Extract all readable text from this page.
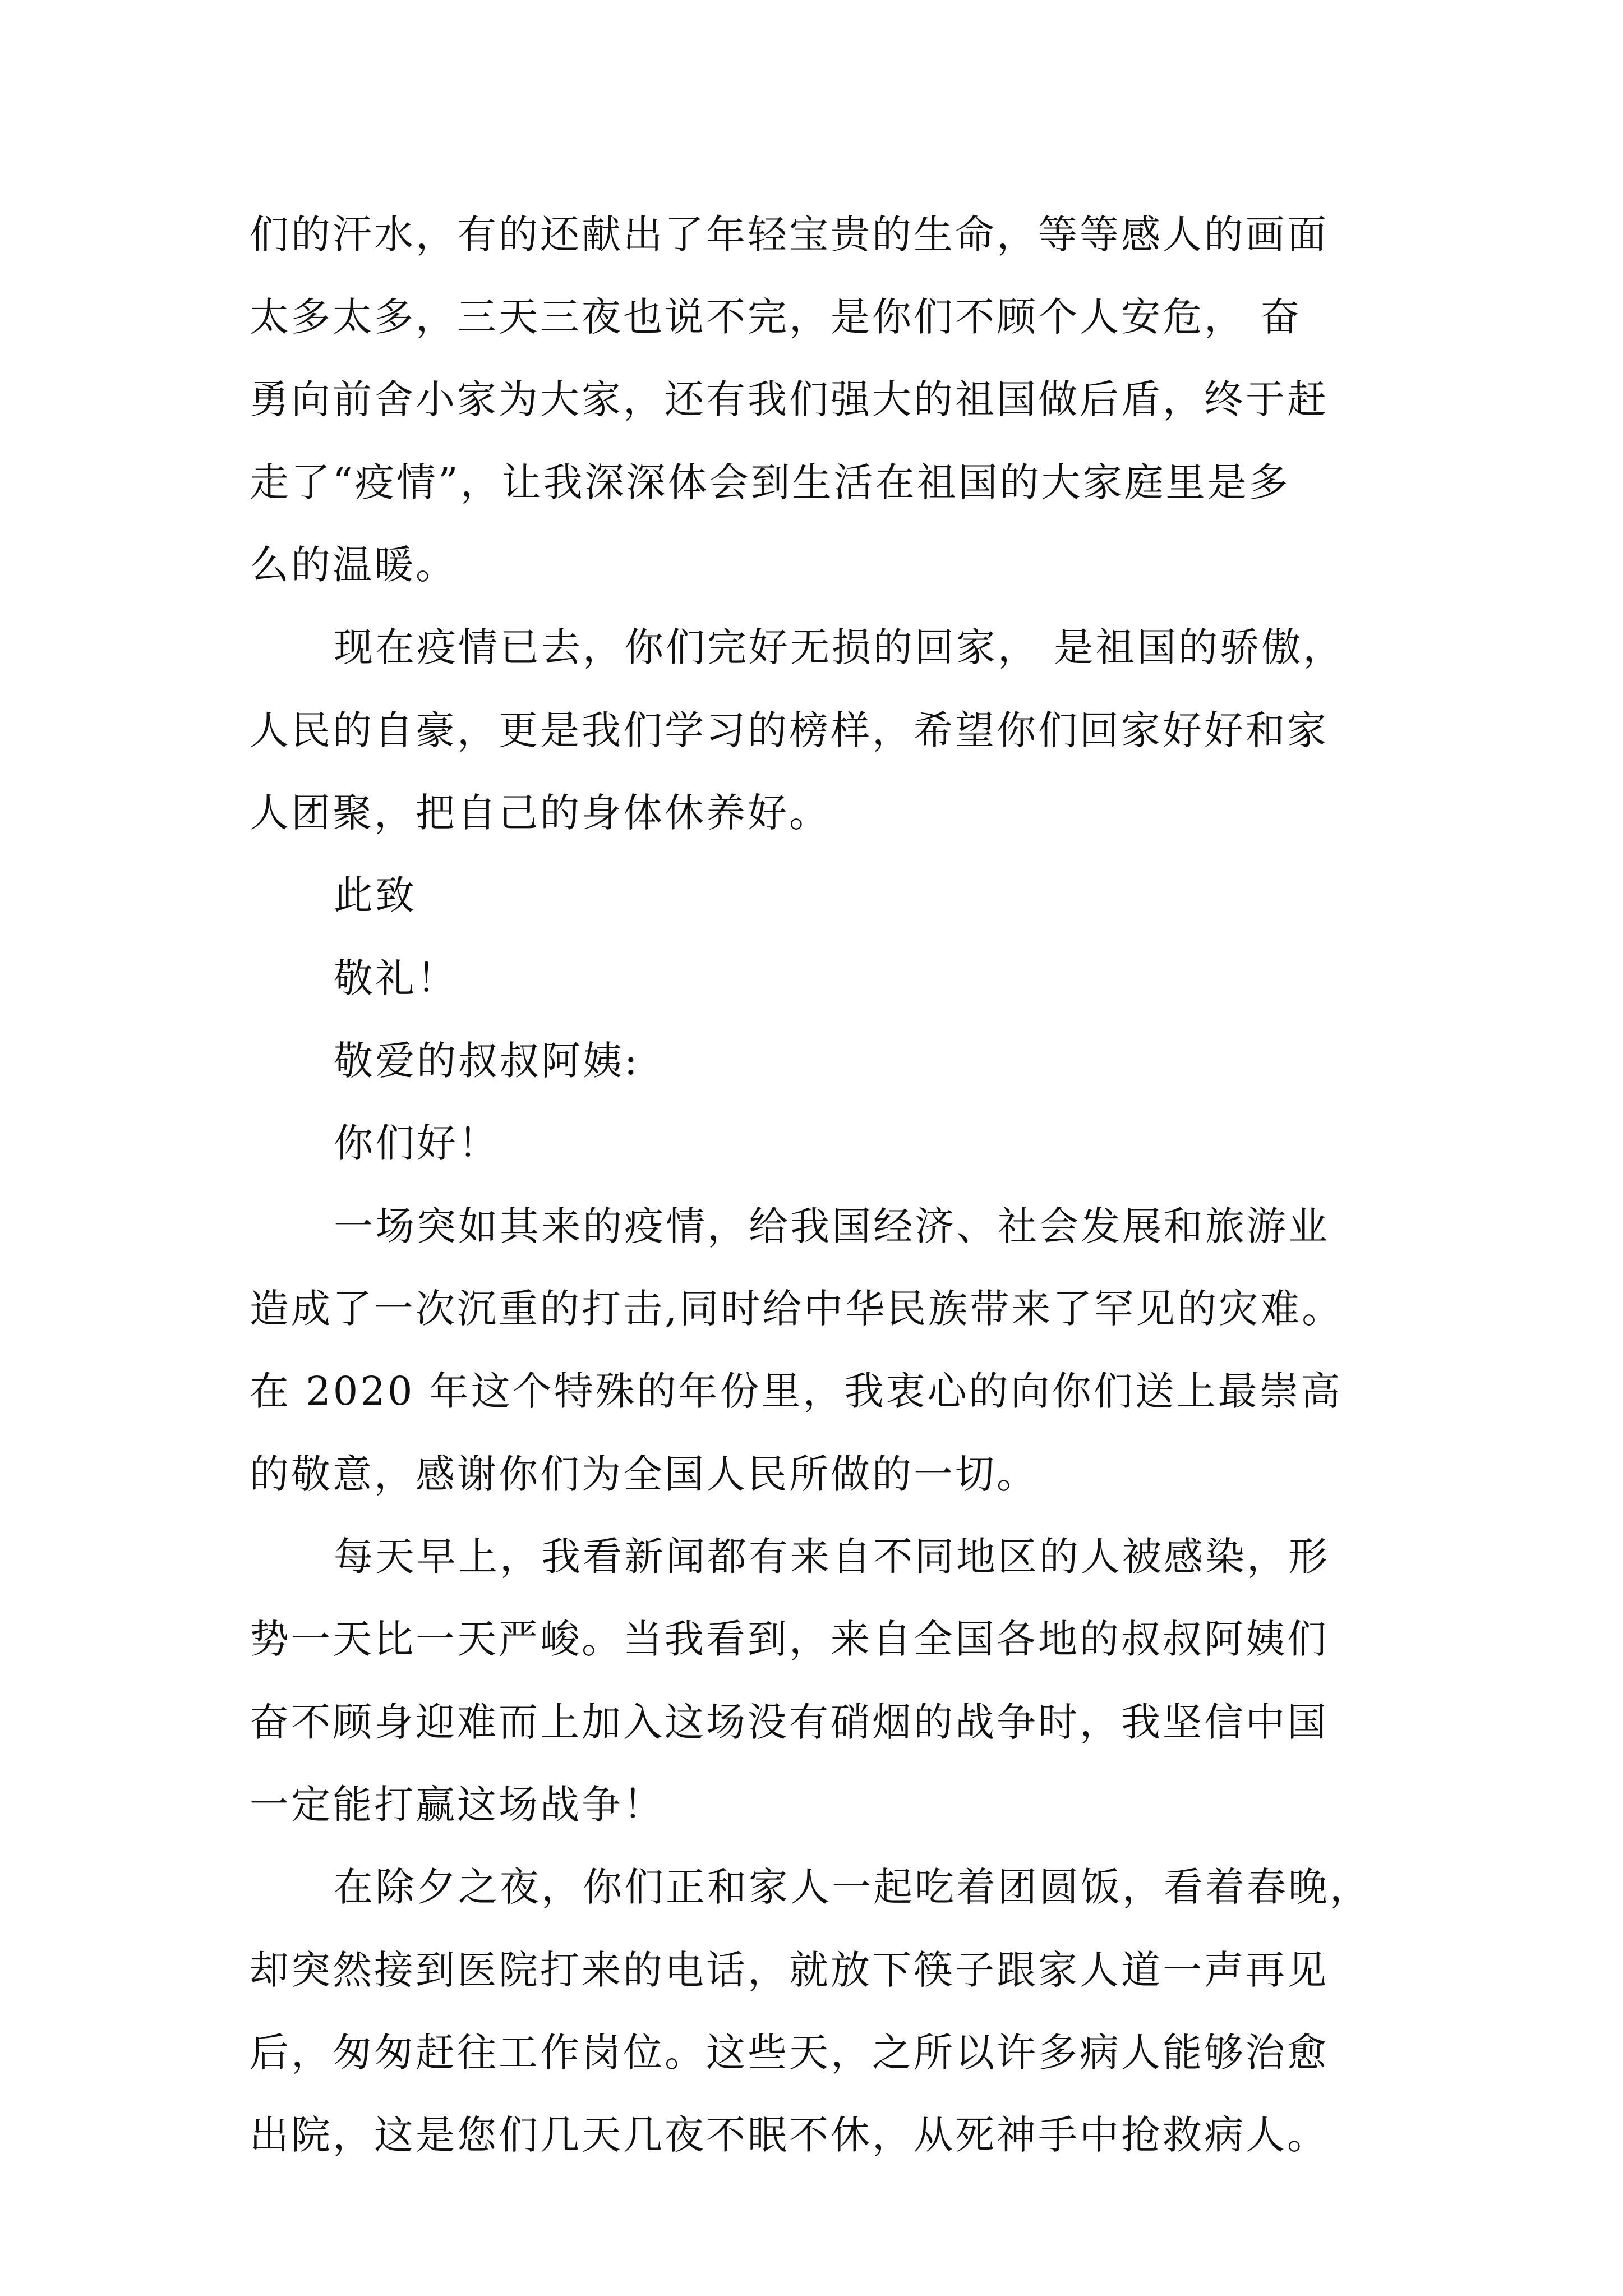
们的汗水，有的还献出了年轻宝贵的生命，等等感人的画面
太多太多，三天三夜也说不完，是你们不顾个人安危， 奋
勇向前舍小家为大家，还有我们强大的祖国做后盾，终于赶
走了“疫情”，让我深深体会到生活在祖国的大家庭里是多
么的温暖。
现在疫情已去，你们完好无损的回家， 是祖国的骄傲，
人民的自豪，更是我们学习的榜样，希望你们回家好好和家
人团聚，把自己的身体休养好。
此致
敬礼！
敬爱的叔叔阿姨:
你们好！
一场突如其来的疫情，给我国经济、社会发展和旅游业
造成了一次沉重的打击,同时给中华民族带来了罕见的灾难。
在 2020 年这个特殊的年份里，我衷心的向你们送上最崇高
的敬意，感谢你们为全国人民所做的一切。
每天早上，我看新闻都有来自不同地区的人被感染，形
势一天比一天严峻。当我看到，来自全国各地的叔叔阿姨们
奋不顾身迎难而上加入这场没有硝烟的战争时，我坚信中国
一定能打赢这场战争！
在除夕之夜，你们正和家人一起吃着团圆饭，看着春晚，
却突然接到医院打来的电话，就放下筷子跟家人道一声再见
后，匆匆赶往工作岗位。这些天，之所以许多病人能够治愈
出院，这是您们几天几夜不眠不休，从死神手中抢救病人。
